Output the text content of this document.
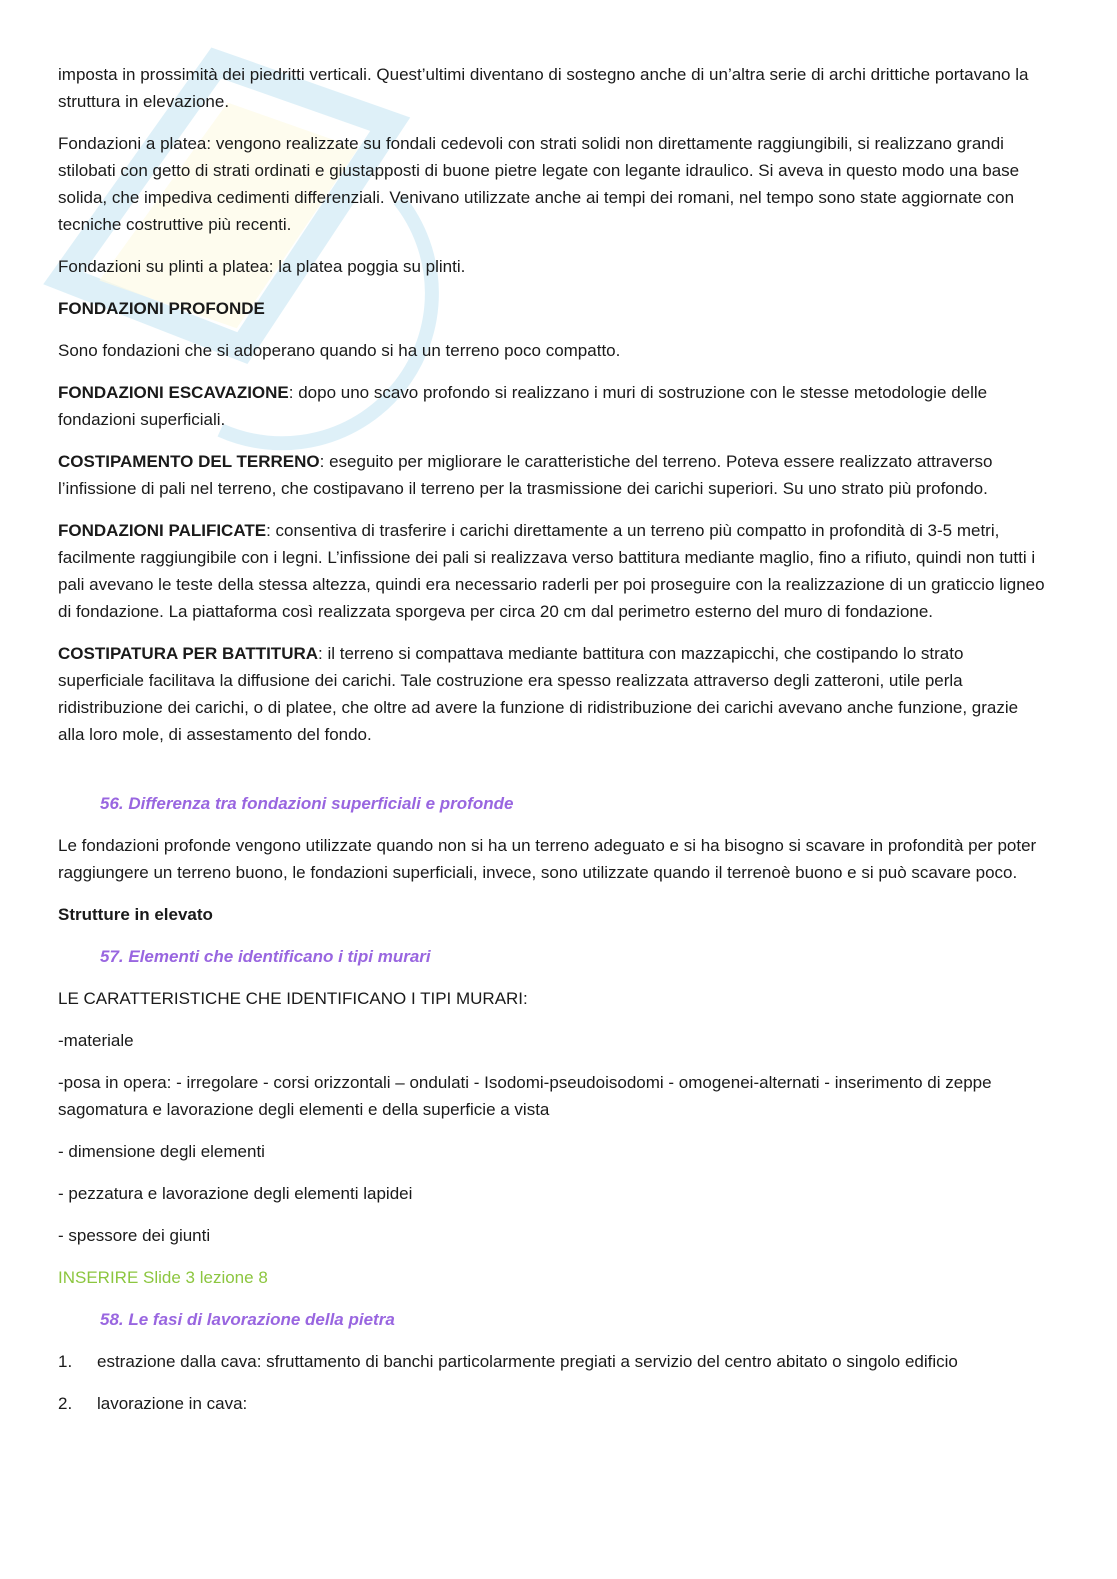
imposta in prossimità dei piedritti verticali. Quest’ultimi diventano di sostegno anche di un’altra serie di archi drittiche portavano la struttura in elevazione.

Fondazioni a platea: vengono realizzate su fondali cedevoli con strati solidi non direttamente raggiungibili, si realizzano grandi stilobati con getto di strati ordinati e giustapposti di buone pietre legate con legante idraulico. Si aveva in questo modo una base solida, che impediva cedimenti differenziali. Venivano utilizzate anche ai tempi dei romani, nel tempo sono state aggiornate con tecniche costruttive più recenti.

Fondazioni su plinti a platea: la platea poggia su plinti.

FONDAZIONI PROFONDE

Sono fondazioni che si adoperano quando si ha un terreno poco compatto.

FONDAZIONI ESCAVAZIONE: dopo uno scavo profondo si realizzano i muri di sostruzione con le stesse metodologie delle fondazioni superficiali.

COSTIPAMENTO DEL TERRENO: eseguito per migliorare le caratteristiche del terreno. Poteva essere realizzato attraverso l’infissione di pali nel terreno, che costipavano il terreno per la trasmissione dei carichi superiori. Su uno strato più profondo.

FONDAZIONI PALIFICATE: consentiva di trasferire i carichi direttamente a un terreno più compatto in profondità di 3-5 metri, facilmente raggiungibile con i legni. L’infissione dei pali si realizzava verso battitura mediante maglio, fino a rifiuto, quindi non tutti i pali avevano le teste della stessa altezza, quindi era necessario raderli per poi proseguire con la realizzazione di un graticcio ligneo di fondazione. La piattaforma così realizzata sporgeva per circa 20 cm dal perimetro esterno del muro di fondazione.

COSTIPATURA PER BATTITURA: il terreno si compattava mediante battitura con mazzapicchi, che costipando lo strato superficiale facilitava la diffusione dei carichi. Tale costruzione era spesso realizzata attraverso degli zatteroni, utile perla ridistribuzione dei carichi, o di platee, che oltre ad avere la funzione di ridistribuzione dei carichi avevano anche funzione, grazie alla loro mole, di assestamento del fondo.

56. Differenza tra fondazioni superficiali e profonde

Le fondazioni profonde vengono utilizzate quando non si ha un terreno adeguato e si ha bisogno si scavare in profondità per poter raggiungere un terreno buono, le fondazioni superficiali, invece, sono utilizzate quando il terrenoè buono e si può scavare poco.

Strutture in elevato

57. Elementi che identificano i tipi murari

LE CARATTERISTICHE CHE IDENTIFICANO I TIPI MURARI:

-materiale

-posa in opera: - irregolare - corsi orizzontali – ondulati - Isodomi-pseudoisodomi - omogenei-alternati - inserimento di zeppe sagomatura e lavorazione degli elementi e della superficie a vista

- dimensione degli elementi

- pezzatura e lavorazione degli elementi lapidei

- spessore dei giunti

INSERIRE Slide 3 lezione 8

58. Le fasi di lavorazione della pietra

1.	estrazione dalla cava: sfruttamento di banchi particolarmente pregiati a servizio del centro abitato o singolo edificio
2.	lavorazione in cava:
